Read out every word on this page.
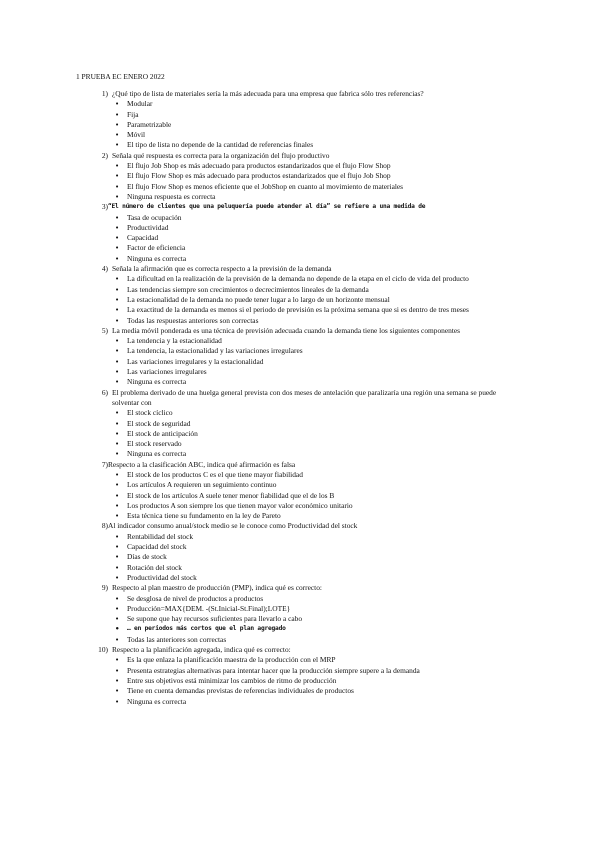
1 PRUEBA EC ENERO 2022
1) ¿Qué tipo de lista de materiales sería la más adecuada para una empresa que fabrica sólo tres referencias?
• Modular
• Fija
• Parametrizable
• Móvil
• El tipo de lista no depende de la cantidad de referencias finales
2) Señala qué respuesta es correcta para la organización del flujo productivo
• El flujo Job Shop es más adecuado para productos estandarizados que el flujo Flow Shop
• El flujo Flow Shop es más adecuado para productos estandarizados que el flujo Job Shop
• El flujo Flow Shop es menos eficiente que el JobShop en cuanto al movimiento de materiales
• Ninguna respuesta es correcta
3) “El número de clientes que una peluquería puede atender al día” se refiere a una medida de
• Tasa de ocupación
• Productividad
• Capacidad
• Factor de eficiencia
• Ninguna es correcta
4) Señala la afirmación que es correcta respecto a la previsión de la demanda
• La dificultad en la realización de la previsión de la demanda no depende de la etapa en el ciclo de vida del producto
• Las tendencias siempre son crecimientos o decrecimientos lineales de la demanda
• La estacionalidad de la demanda no puede tener lugar a lo largo de un horizonte mensual
• La exactitud de la demanda es menos si el periodo de previsión es la próxima semana que si es dentro de tres meses
• Todas las respuestas anteriores son correctas
5) La media móvil ponderada es una técnica de previsión adecuada cuando la demanda tiene los siguientes componentes
• La tendencia y la estacionalidad
• La tendencia, la estacionalidad y las variaciones irregulares
• Las variaciones irregulares y la estacionalidad
• Las variaciones irregulares
• Ninguna es correcta
6) El problema derivado de una huelga general prevista con dos meses de antelación que paralizaría una región una semana se puede solventar con
• El stock cíclico
• El stock de seguridad
• El stock de anticipación
• El stock reservado
• Ninguna es correcta
7) Respecto a la clasificación ABC, indica qué afirmación es falsa
• El stock de los productos C es el que tiene mayor fiabilidad
• Los artículos A requieren un seguimiento continuo
• El stock de los artículos A suele tener menor fiabilidad que el de los B
• Los productos A son siempre los que tienen mayor valor económico unitario
• Esta técnica tiene su fundamento en la ley de Pareto
8) Al indicador consumo anual/stock medio se le conoce como Productividad del stock
• Rentabilidad del stock
• Capacidad del stock
• Días de stock
• Rotación del stock
• Productividad del stock
9) Respecto al plan maestro de producción (PMP), indica qué es correcto:
• Se desglosa de nivel de productos a productos
• Producción=MAX{DEM. -(St.Inicial-St.Final);LOTE}
• Se supone que hay recursos suficientes para llevarlo a cabo
• … en periodos más cortos que el plan agregado
• Todas las anteriores son correctas
10) Respecto a la planificación agregada, indica qué es correcto:
• Es la que enlaza la planificación maestra de la producción con el MRP
• Presenta estrategias alternativas para intentar hacer que la producción siempre supere a la demanda
• Entre sus objetivos está minimizar los cambios de ritmo de producción
• Tiene en cuenta demandas previstas de referencias individuales de productos
• Ninguna es correcta
